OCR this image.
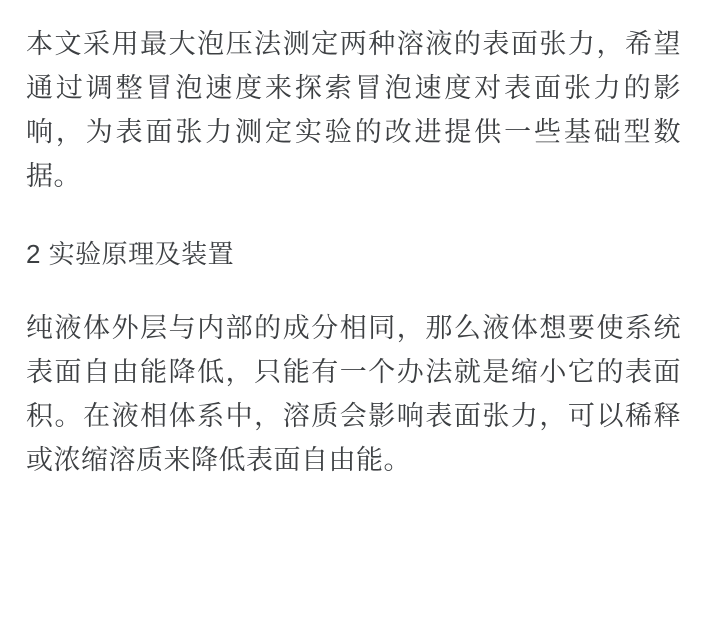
本文采用最大泡压法测定两种溶液的表面张力，希望通过调整冒泡速度来探索冒泡速度对表面张力的影响，为表面张力测定实验的改进提供一些基础型数据。

2 实验原理及装置

纯液体外层与内部的成分相同，那么液体想要使系统表面自由能降低，只能有一个办法就是缩小它的表面积。在液相体系中，溶质会影响表面张力，可以稀释或浓缩溶质来降低表面自由能。
